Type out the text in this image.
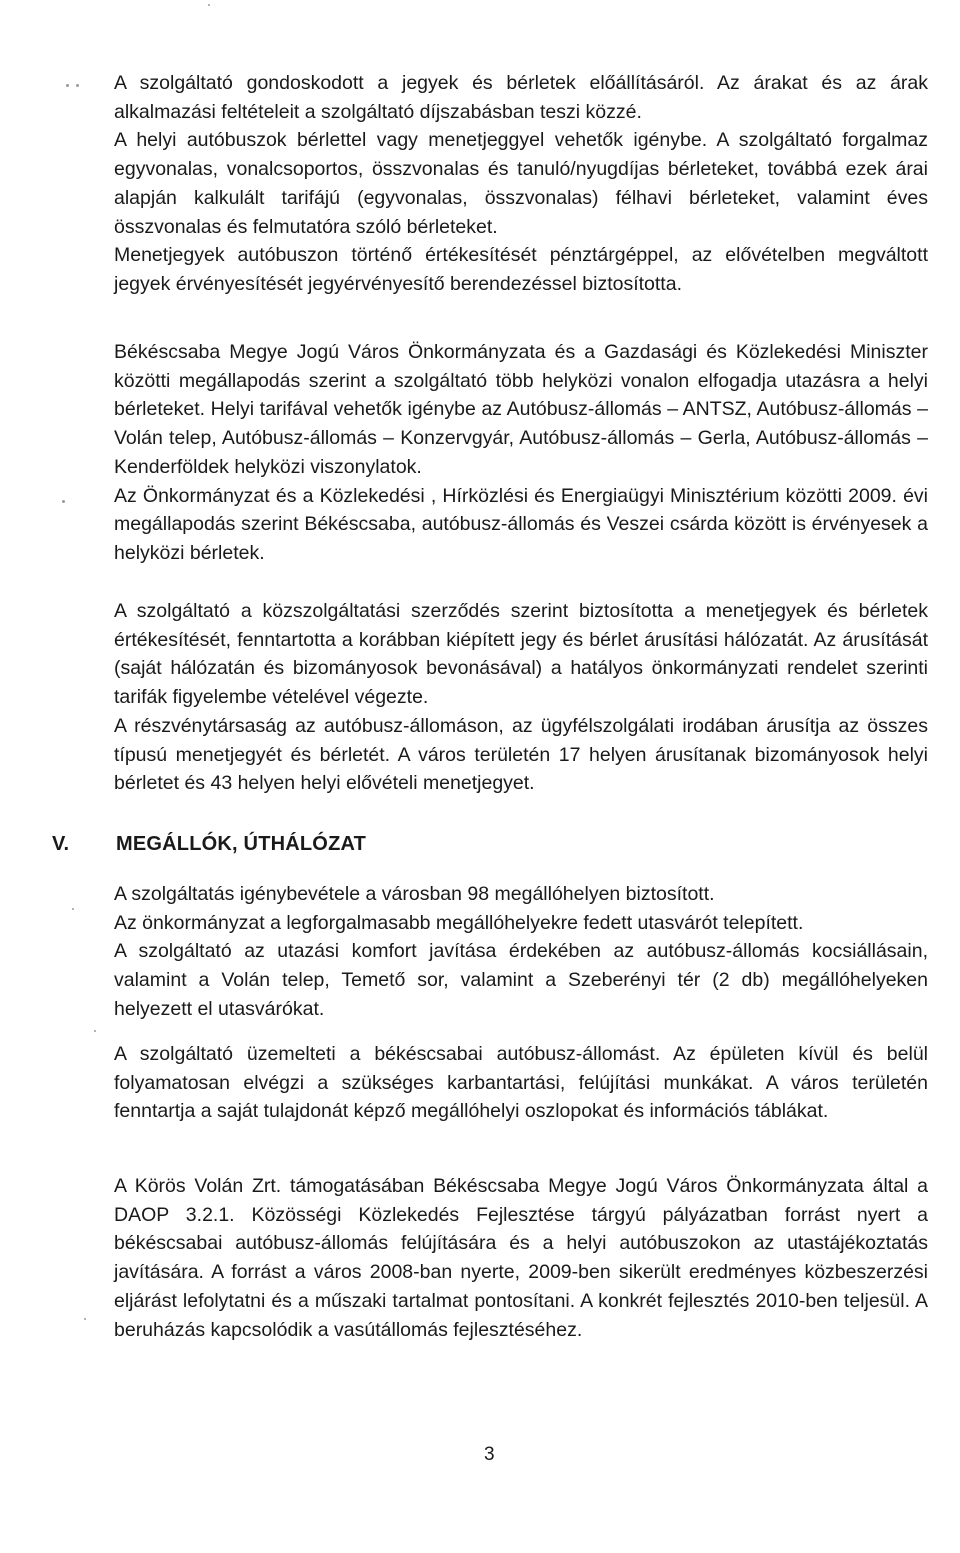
A szolgáltató gondoskodott a jegyek és bérletek előállításáról. Az árakat és az árak alkalmazási feltételeit a szolgáltató díjszabásban teszi közzé.

A helyi autóbuszok bérlettel vagy menetjeggyel vehetők igénybe. A szolgáltató forgalmaz egyvonalas, vonalcsoportos, összvonalas és tanuló/nyugdíjas bérleteket, továbbá ezek árai alapján kalkulált tarifájú (egyvonalas, összvonalas) félhavi bérleteket, valamint éves összvonalas és felmutatóra szóló bérleteket.

Menetjegyek autóbuszon történő értékesítését pénztárgéppel, az elővételben megváltott jegyek érvényesítését jegyérvényesítő berendezéssel biztosította.

Békéscsaba Megye Jogú Város Önkormányzata és a Gazdasági és Közlekedési Miniszter közötti megállapodás szerint a szolgáltató több helyközi vonalon elfogadja utazásra a helyi bérleteket. Helyi tarifával vehetők igénybe az Autóbusz-állomás – ANTSZ, Autóbusz-állomás – Volán telep, Autóbusz-állomás – Konzervgyár, Autóbusz-állomás – Gerla, Autóbusz-állomás – Kenderföldek helyközi viszonylatok.

Az Önkormányzat és a Közlekedési , Hírközlési és Energiaügyi Minisztérium közötti 2009. évi megállapodás szerint Békéscsaba, autóbusz-állomás és Veszei csárda között is érvényesek a helyközi bérletek.

A szolgáltató a közszolgáltatási szerződés szerint biztosította a menetjegyek és bérletek értékesítését, fenntartotta a korábban kiépített jegy és bérlet árusítási hálózatát. Az árusítását (saját hálózatán és bizományosok bevonásával) a hatályos önkormányzati rendelet szerinti tarifák figyelembe vételével végezte.

A részvénytársaság az autóbusz-állomáson, az ügyfélszolgálati irodában árusítja az összes típusú menetjegyét és bérletét. A város területén 17 helyen árusítanak bizományosok helyi bérletet és 43 helyen helyi elővételi menetjegyet.

V. MEGÁLLÓK, ÚTHÁLÓZAT

A szolgáltatás igénybevétele a városban 98 megállóhelyen biztosított.

Az önkormányzat a legforgalmasabb megállóhelyekre fedett utasvárót telepített.

A szolgáltató az utazási komfort javítása érdekében az autóbusz-állomás kocsiállásain, valamint a Volán telep, Temető sor, valamint a Szeberényi tér (2 db) megállóhelyeken helyezett el utasvárókat.

A szolgáltató üzemelteti a békéscsabai autóbusz-állomást. Az épületen kívül és belül folyamatosan elvégzi a szükséges karbantartási, felújítási munkákat. A város területén fenntartja a saját tulajdonát képző megállóhelyi oszlopokat és információs táblákat.

A Körös Volán Zrt. támogatásában Békéscsaba Megye Jogú Város Önkormányzata által a DAOP 3.2.1. Közösségi Közlekedés Fejlesztése tárgyú pályázatban forrást nyert a békéscsabai autóbusz-állomás felújítására és a helyi autóbuszokon az utastájékoztatás javítására. A forrást a város 2008-ban nyerte, 2009-ben sikerült eredményes közbeszerzési eljárást lefolytatni és a műszaki tartalmat pontosítani. A konkrét fejlesztés 2010-ben teljesül. A beruházás kapcsolódik a vasútállomás fejlesztéséhez.

3
